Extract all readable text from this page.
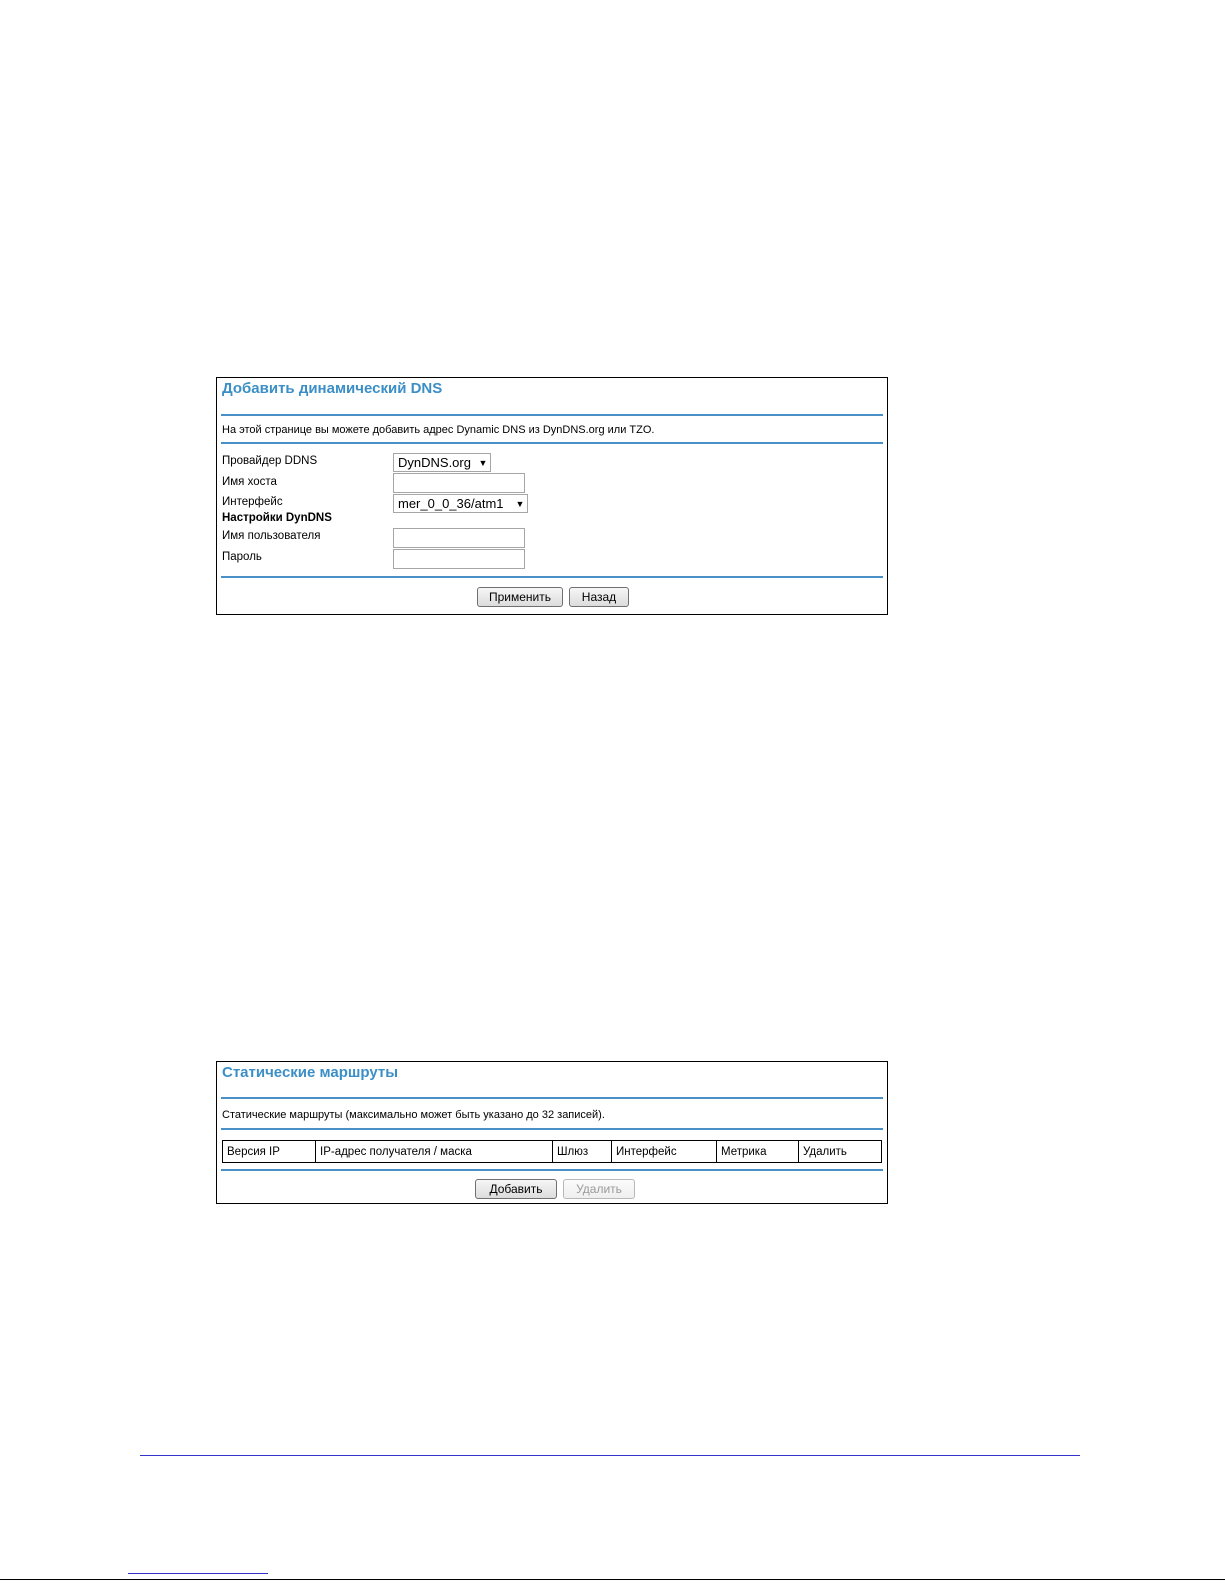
Добавить динамический DNS
На этой странице вы можете добавить адрес Dynamic DNS из DynDNS.org или TZO.
Провайдер DDNS	DynDNS.org ▼
Имя хоста
Интерфейс	mer_0_0_36/atm1	▼
Настройки DynDNS
Имя пользователя
Пароль
Применить	Назад
Статические маршруты
Статические маршруты (максимально может быть указано до 32 записей).
Версия IP	IP-адрес получателя / маска	Шлюз	Интерфейс	Метрика	Удалить
Добавить	Удалить
